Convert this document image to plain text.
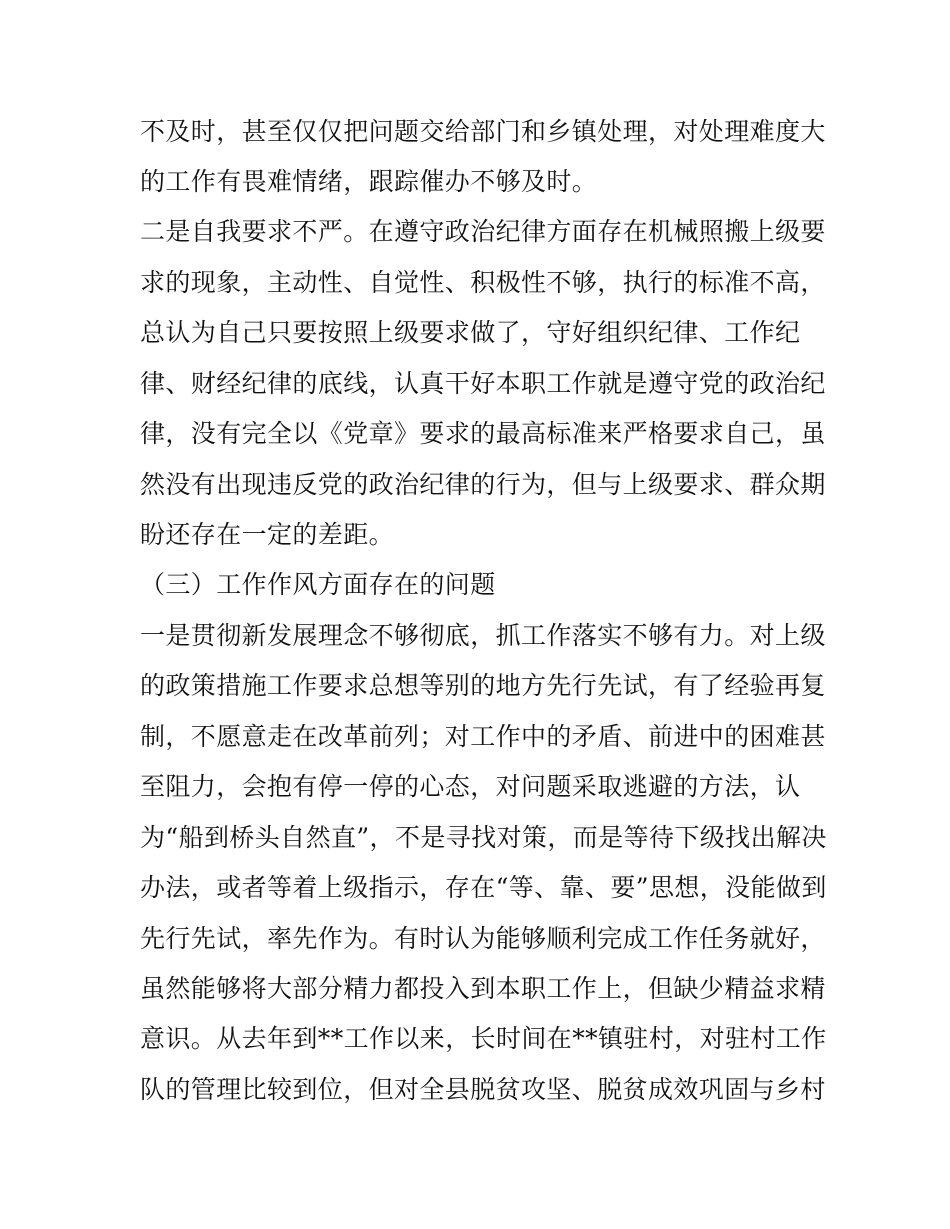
不及时，甚至仅仅把问题交给部门和乡镇处理，对处理难度大
的工作有畏难情绪，跟踪催办不够及时。
二是自我要求不严。在遵守政治纪律方面存在机械照搬上级要
求的现象，主动性、自觉性、积极性不够，执行的标准不高，
总认为自己只要按照上级要求做了，守好组织纪律、工作纪
律、财经纪律的底线，认真干好本职工作就是遵守党的政治纪
律，没有完全以《党章》要求的最高标准来严格要求自己，虽
然没有出现违反党的政治纪律的行为，但与上级要求、群众期
盼还存在一定的差距。
（三）工作作风方面存在的问题
一是贯彻新发展理念不够彻底，抓工作落实不够有力。对上级
的政策措施工作要求总想等别的地方先行先试，有了经验再复
制，不愿意走在改革前列；对工作中的矛盾、前进中的困难甚
至阻力，会抱有停一停的心态，对问题采取逃避的方法，认
为“船到桥头自然直”，不是寻找对策，而是等待下级找出解决
办法，或者等着上级指示，存在“等、靠、要”思想，没能做到
先行先试，率先作为。有时认为能够顺利完成工作任务就好，
虽然能够将大部分精力都投入到本职工作上，但缺少精益求精
意识。从去年到**工作以来，长时间在**镇驻村，对驻村工作
队的管理比较到位，但对全县脱贫攻坚、脱贫成效巩固与乡村
